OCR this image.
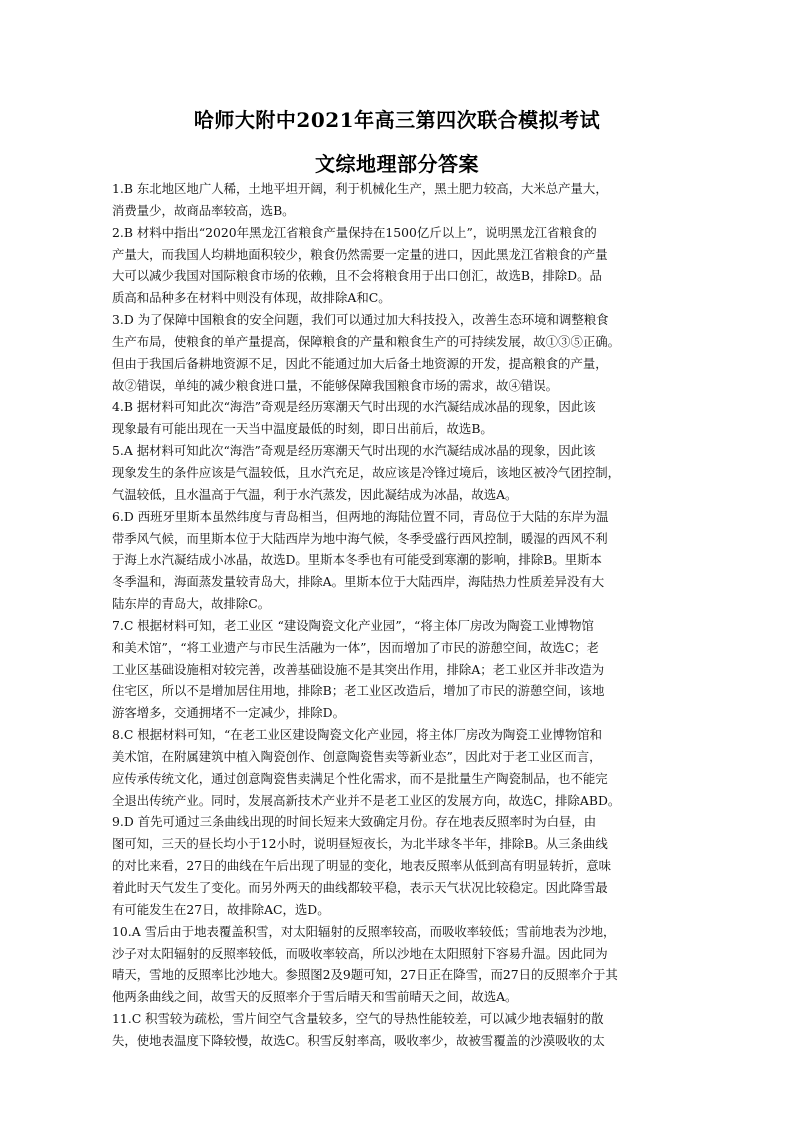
哈师大附中2021年高三第四次联合模拟考试
文综地理部分答案
1.B 东北地区地广人稀，土地平坦开阔，利于机械化生产，黑土肥力较高，大米总产量大，
消费量少，故商品率较高，选B。
2.B 材料中指出“2020年黑龙江省粮食产量保持在1500亿斤以上”，说明黑龙江省粮食的
产量大，而我国人均耕地面积较少，粮食仍然需要一定量的进口，因此黑龙江省粮食的产量
大可以减少我国对国际粮食市场的依赖，且不会将粮食用于出口创汇，故选B，排除D。品
质高和品种多在材料中则没有体现，故排除A和C。
3.D 为了保障中国粮食的安全问题，我们可以通过加大科技投入，改善生态环境和调整粮食
生产布局，使粮食的单产量提高，保障粮食的产量和粮食生产的可持续发展，故①③⑤正确。
但由于我国后备耕地资源不足，因此不能通过加大后备土地资源的开发，提高粮食的产量，
故②错误，单纯的减少粮食进口量，不能够保障我国粮食市场的需求，故④错误。
4.B 据材料可知此次“海浩”奇观是经历寒潮天气时出现的水汽凝结成冰晶的现象，因此该
现象最有可能出现在一天当中温度最低的时刻，即日出前后，故选B。
5.A 据材料可知此次“海浩”奇观是经历寒潮天气时出现的水汽凝结成冰晶的现象，因此该
现象发生的条件应该是气温较低，且水汽充足，故应该是冷锋过境后，该地区被冷气团控制，
气温较低，且水温高于气温，利于水汽蒸发，因此凝结成为冰晶，故选A。
6.D 西班牙里斯本虽然纬度与青岛相当，但两地的海陆位置不同，青岛位于大陆的东岸为温
带季风气候，而里斯本位于大陆西岸为地中海气候，冬季受盛行西风控制，暖湿的西风不利
于海上水汽凝结成小冰晶，故选D。里斯本冬季也有可能受到寒潮的影响，排除B。里斯本
冬季温和，海面蒸发量较青岛大，排除A。里斯本位于大陆西岸，海陆热力性质差异没有大
陆东岸的青岛大，故排除C。
7.C 根据材料可知，老工业区 “建设陶瓷文化产业园”，“将主体厂房改为陶瓷工业博物馆
和美术馆”，“将工业遗产与市民生活融为一体”，因而增加了市民的游憩空间，故选C；老
工业区基础设施相对较完善，改善基础设施不是其突出作用，排除A；老工业区并非改造为
住宅区，所以不是增加居住用地，排除B；老工业区改造后，增加了市民的游憩空间，该地
游客增多，交通拥堵不一定减少，排除D。
8.C 根据材料可知，“在老工业区建设陶瓷文化产业园，将主体厂房改为陶瓷工业博物馆和
美术馆，在附属建筑中植入陶瓷创作、创意陶瓷售卖等新业态”，因此对于老工业区而言，
应传承传统文化，通过创意陶瓷售卖满足个性化需求，而不是批量生产陶瓷制品，也不能完
全退出传统产业。同时，发展高新技术产业并不是老工业区的发展方向，故选C，排除ABD。
9.D 首先可通过三条曲线出现的时间长短来大致确定月份。存在地表反照率时为白昼，由
图可知，三天的昼长均小于12小时，说明昼短夜长，为北半球冬半年，排除B。从三条曲线
的对比来看，27日的曲线在午后出现了明显的变化，地表反照率从低到高有明显转折，意味
着此时天气发生了变化。而另外两天的曲线都较平稳，表示天气状况比较稳定。因此降雪最
有可能发生在27日，故排除AC，选D。
10.A 雪后由于地表覆盖积雪，对太阳辐射的反照率较高，而吸收率较低；雪前地表为沙地，
沙子对太阳辐射的反照率较低，而吸收率较高，所以沙地在太阳照射下容易升温。因此同为
晴天，雪地的反照率比沙地大。参照图2及9题可知，27日正在降雪，而27日的反照率介于其
他两条曲线之间，故雪天的反照率介于雪后晴天和雪前晴天之间，故选A。
11.C 积雪较为疏松，雪片间空气含量较多，空气的导热性能较差，可以减少地表辐射的散
失，使地表温度下降较慢，故选C。积雪反射率高，吸收率少，故被雪覆盖的沙漠吸收的太
